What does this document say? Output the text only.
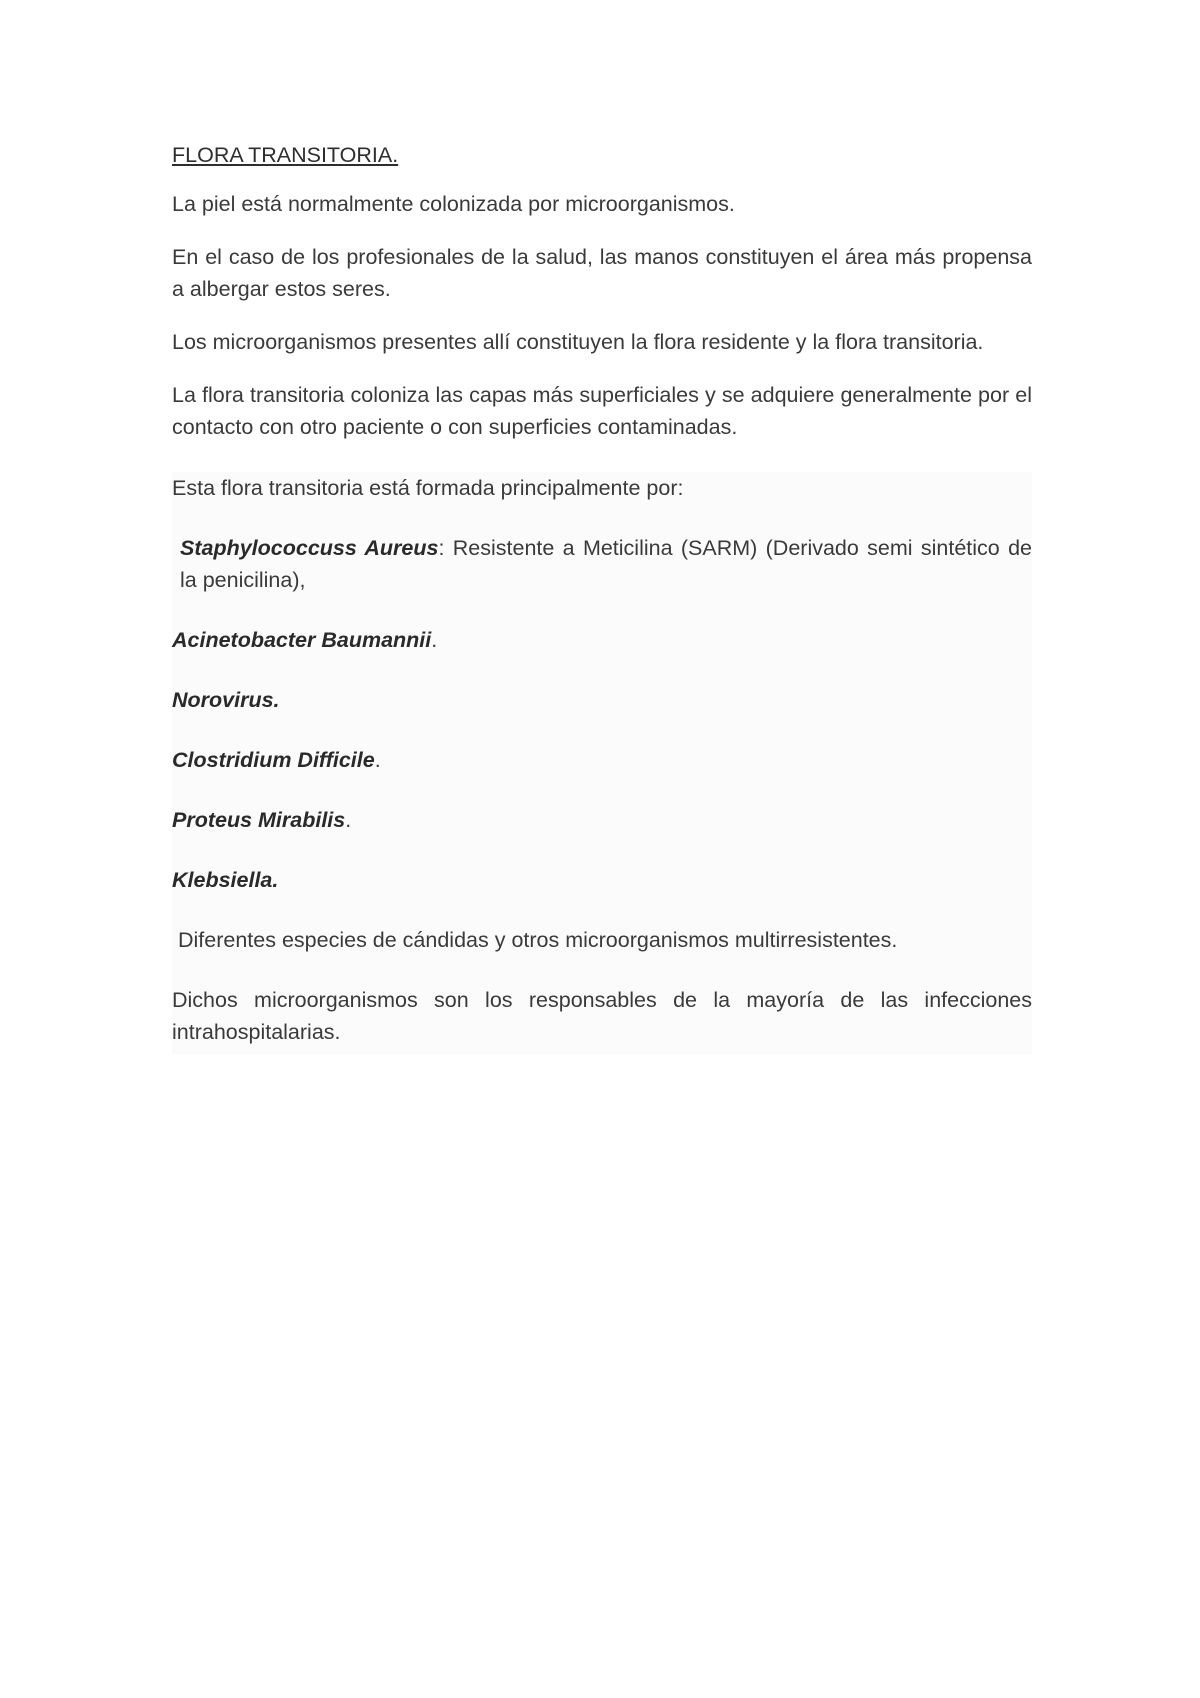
FLORA TRANSITORIA.

La piel está normalmente colonizada por microorganismos.

En el caso de los profesionales de la salud, las manos constituyen el área más propensa a albergar estos seres.

Los microorganismos presentes allí constituyen la flora residente y la flora transitoria.

La flora transitoria coloniza las capas más superficiales y se adquiere generalmente por el contacto con otro paciente o con superficies contaminadas.

Esta flora transitoria está formada principalmente por:

Staphylococcuss Aureus: Resistente a Meticilina (SARM) (Derivado semi sintético de la penicilina),

Acinetobacter Baumannii.

Norovirus.

Clostridium Difficile.

Proteus Mirabilis.

Klebsiella.

Diferentes especies de cándidas y otros microorganismos multirresistentes.

Dichos microorganismos son los responsables de la mayoría de las infecciones intrahospitalarias.
